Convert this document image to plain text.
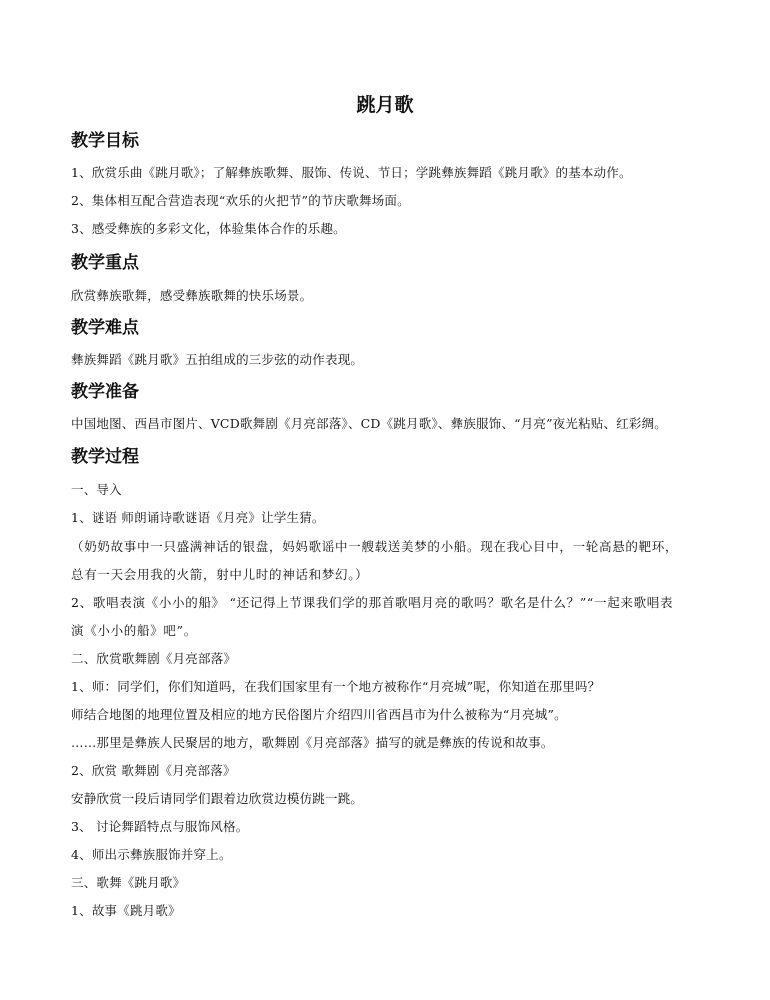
跳月歌
教学目标
1、欣赏乐曲《跳月歌》；了解彝族歌舞、服饰、传说、节日；学跳彝族舞蹈《跳月歌》的基本动作。
2、集体相互配合营造表现“欢乐的火把节”的节庆歌舞场面。
3、感受彝族的多彩文化，体验集体合作的乐趣。
教学重点
欣赏彝族歌舞，感受彝族歌舞的快乐场景。
教学难点
彝族舞蹈《跳月歌》五拍组成的三步弦的动作表现。
教学准备
中国地图、西昌市图片、VCD歌舞剧《月亮部落》、CD《跳月歌》、彝族服饰、“月亮”夜光粘贴、红彩绸。
教学过程
一、导入
1、谜语 师朗诵诗歌谜语《月亮》让学生猜。
（奶奶故事中一只盛满神话的银盘，妈妈歌谣中一艘载送美梦的小船。现在我心目中，一轮高悬的靶环，
总有一天会用我的火箭，射中儿时的神话和梦幻。）
2、歌唱表演《小小的船》 “还记得上节课我们学的那首歌唱月亮的歌吗？歌名是什么？”“一起来歌唱表
演《小小的船》吧”。
二、欣赏歌舞剧《月亮部落》
1、师：同学们，你们知道吗，在我们国家里有一个地方被称作“月亮城”呢，你知道在那里吗？
师结合地图的地理位置及相应的地方民俗图片介绍四川省西昌市为什么被称为“月亮城”。
……那里是彝族人民聚居的地方，歌舞剧《月亮部落》描写的就是彝族的传说和故事。
2、欣赏 歌舞剧《月亮部落》
安静欣赏一段后请同学们跟着边欣赏边模仿跳一跳。
3、 讨论舞蹈特点与服饰风格。
4、师出示彝族服饰并穿上。
三、歌舞《跳月歌》
1、故事《跳月歌》
